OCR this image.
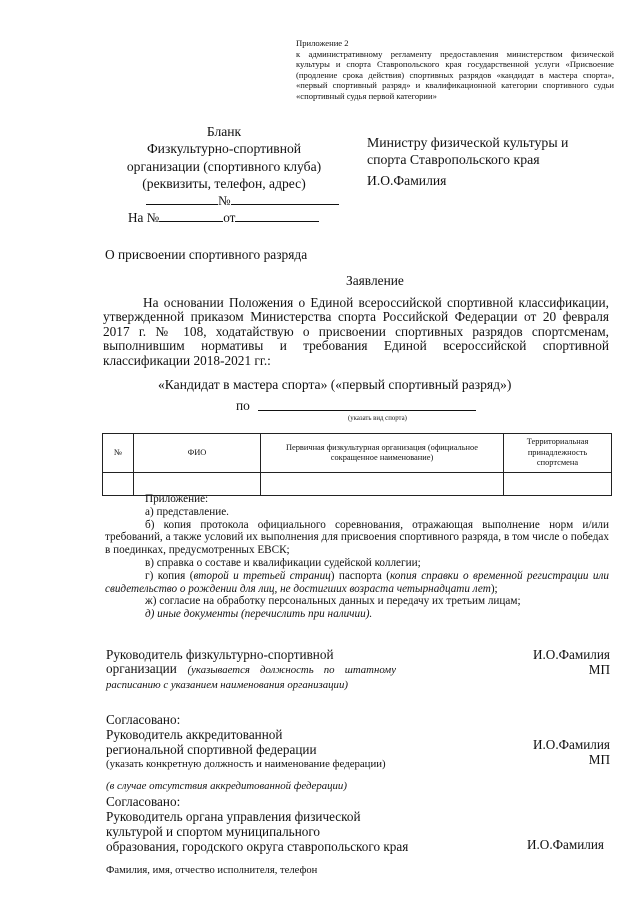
Приложение 2
к административному регламенту предоставления министерством физической культуры и спорта Ставропольского края государственной услуги «Присвоение (продление срока действия) спортивных разрядов «кандидат в мастера спорта», «первый спортивный разряд» и квалификационной категории спортивного судьи «спортивный судья первой категории»
Бланк
Физкультурно-спортивной
организации (спортивного клуба)
(реквизиты, телефон, адрес)
№
На №	от
Министру физической культуры и
спорта Ставропольского края
И.О.Фамилия
О присвоении спортивного разряда
Заявление
На основании Положения о Единой всероссийской спортивной классификации, утвержденной приказом Министерства спорта Российской Федерации от 20 февраля 2017 г. № 108, ходатайствую о присвоении спортивных разрядов спортсменам, выполнившим нормативы и требования Единой всероссийской спортивной классификации 2018-2021 гг.:
«Кандидат в мастера спорта» («первый спортивный разряд»)
по
(указать вид спорта)
№	ФИО	Первичная физкультурная организация (официальное сокращенное наименование)	Территориальная принадлежность спортсмена

Приложение:
а) представление.
б) копия протокола официального соревнования, отражающая выполнение норм и/или требований, а также условий их выполнения для присвоения спортивного разряда, в том числе о победах в поединках, предусмотренных ЕВСК;
в) справка о составе и квалификации судейской коллегии;
г) копия (второй и третьей страниц) паспорта (копия справки о временной регистрации или свидетельство о рождении для лиц, не достигших возраста четырнадцати лет);
ж) согласие на обработку персональных данных и передачу их третьим лицам;
д) иные документы (перечислить при наличии).
Руководитель физкультурно-спортивной
организации (указывается должность по штатному расписанию с указанием наименования организации)
И.О.Фамилия
МП
Согласовано:
Руководитель аккредитованной
региональной спортивной федерации
(указать конкретную должность и наименование федерации)
И.О.Фамилия
МП
(в случае отсутствия аккредитованной федерации)
Согласовано:
Руководитель органа управления физической
культурой и спортом муниципального
образования, городского округа ставропольского края	И.О.Фамилия
Фамилия, имя, отчество исполнителя, телефон
